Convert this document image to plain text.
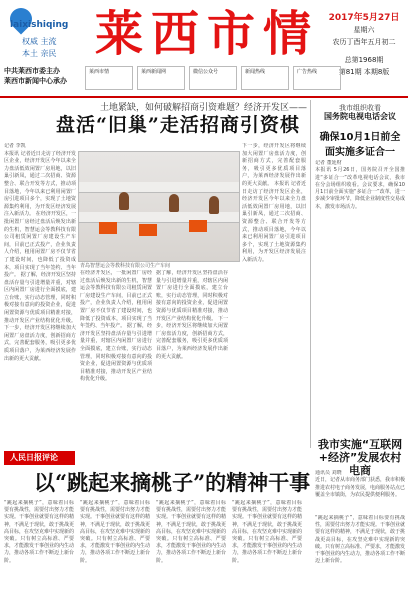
laixishiqing
权威 主流
本土 亲民 莱西市情	2017年5月27日
星期六
农历丁酉年五月初二
总第1968期
第81期 本期8版
中共莱西市委主办
莱西市新闻中心承办
莱西市情	莱西新闻网	微信公众号	新闻热线	广告热线
土地紧缺，如何破解招商引资难题？经济开发区——
盘活“旧巢”走活招商引资棋
记者 李凯
本报讯 记者近日走访了经济开发区企业，经济开发区今年以来全力盘活低效闲置厂房用地，以旧巢引新凤，通过二次招商、资源整合、联合开发等方式，推动项目落地，今年以来已利用闲置厂房引进项目多个，实现了土地资源集约利用，为开发区经济发展注入新活力。 在经济开发区，一批闲置厂房经过盘活后焕发出新的生机，智慧运会等教科技有限公司租赁闲置厂房建设生产车间，目前已正式投产，企业负责人介绍，租用闲置厂房不仅节省了建设时间，也降低了投资成本，项目实现了当年签约、当年投产。 据了解，经济开发区坚持盘活存量与引进增量并重，对辖区内闲置厂房进行全面摸底，建立台账，实行动态管理，同时积极对接有意向的投资企业，促进闲置资源与优质项目精准对接，推动开发区产业结构优化升级。 下一步，经济开发区将继续加大闲置厂房盘活力度，创新招商方式，完善配套服务，吸引更多优质项目落户，为莱西经济发展作出新的更大贡献。
青岛智慧运会等教科技有限公司生产车间
在经济开发区，一批闲置厂房经过盘活后焕发出新的生机，智慧运会等教科技有限公司租赁闲置厂房建设生产车间，目前已正式投产，企业负责人介绍，租用闲置厂房不仅节省了建设时间，也降低了投资成本，项目实现了当年签约、当年投产。 据了解，经济开发区坚持盘活存量与引进增量并重，对辖区内闲置厂房进行全面摸底，建立台账，实行动态管理，同时积极对接有意向的投资企业，促进闲置资源与优质项目精准对接，推动开发区产业结构优化升级。
据了解，经济开发区坚持盘活存量与引进增量并重，对辖区内闲置厂房进行全面摸底，建立台账，实行动态管理，同时积极对接有意向的投资企业，促进闲置资源与优质项目精准对接，推动开发区产业结构优化升级。 下一步，经济开发区将继续加大闲置厂房盘活力度，创新招商方式，完善配套服务，吸引更多优质项目落户，为莱西经济发展作出新的更大贡献。
下一步，经济开发区将继续加大闲置厂房盘活力度，创新招商方式，完善配套服务，吸引更多优质项目落户，为莱西经济发展作出新的更大贡献。 本报讯 记者近日走访了经济开发区企业，经济开发区今年以来全力盘活低效闲置厂房用地，以旧巢引新凤，通过二次招商、资源整合、联合开发等方式，推动项目落地，今年以来已利用闲置厂房引进项目多个，实现了土地资源集约利用，为开发区经济发展注入新活力。
我市组织收看
国务院电视电话会议
确保10月1日前全面实施多证合一
记者 董延财
本报讯 5月26日，国务院召开全国推进“多证合一”改革电视电话会议，我市在分会场组织收看。会议要求，确保10月1日前全面实施“多证合一”改革，进一步减少审批环节，降低企业制度性交易成本，激发市场活力。
我市实施“互联网+经济”发展农村电商
通讯员 刘晓
近日，记者从市商务部门获悉，我市积极推进农村电子商务发展，电商服务站点已覆盖全市镇街，为农民提供便利服务。
人民日报评论
以“跳起来摘桃子”的精神干事
“跳起来摘桃子”，意味着目标要有挑战性，需要付出努力才能实现。干事创业就要有这样的精神，不满足于现状，敢于挑战更高目标，在攻坚克难中实现新的突破。只有树立高标准、严要求，才能激发干事创业的内生动力，推动各项工作不断迈上新台阶。
“跳起来摘桃子”，意味着目标要有挑战性，需要付出努力才能实现。干事创业就要有这样的精神，不满足于现状，敢于挑战更高目标，在攻坚克难中实现新的突破。只有树立高标准、严要求，才能激发干事创业的内生动力，推动各项工作不断迈上新台阶。
“跳起来摘桃子”，意味着目标要有挑战性，需要付出努力才能实现。干事创业就要有这样的精神，不满足于现状，敢于挑战更高目标，在攻坚克难中实现新的突破。只有树立高标准、严要求，才能激发干事创业的内生动力，推动各项工作不断迈上新台阶。
“跳起来摘桃子”，意味着目标要有挑战性，需要付出努力才能实现。干事创业就要有这样的精神，不满足于现状，敢于挑战更高目标，在攻坚克难中实现新的突破。只有树立高标准、严要求，才能激发干事创业的内生动力，推动各项工作不断迈上新台阶。
“跳起来摘桃子”，意味着目标要有挑战性，需要付出努力才能实现。干事创业就要有这样的精神，不满足于现状，敢于挑战更高目标，在攻坚克难中实现新的突破。只有树立高标准、严要求，才能激发干事创业的内生动力，推动各项工作不断迈上新台阶。
